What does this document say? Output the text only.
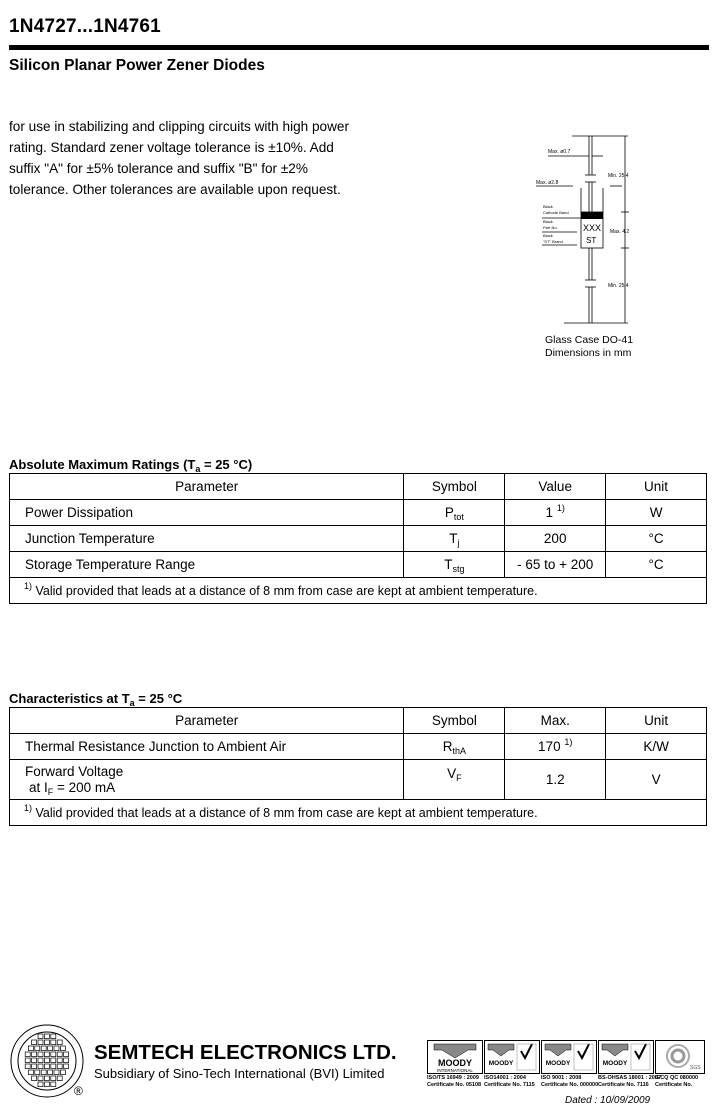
1N4727...1N4761
Silicon Planar Power Zener Diodes
for use in stabilizing and clipping circuits with high power rating. Standard zener voltage tolerance is ±10%. Add suffix "A" for ±5% tolerance and suffix "B" for ±2% tolerance. Other tolerances are available upon request.
Max. ø0.7
Max. ø2.8
Min. 25.4
Max. 4.2
Min. 25.4
Black
Cathode Band
Black
Part No.
Black
"ST" Brand
XXX
ST
Glass Case DO-41
Dimensions in mm
Absolute Maximum Ratings ($T_a = 25$ °C)
Parameter	Symbol	Value	Unit
Power Dissipation	$P_{tot}$	1 $^{1)}$	W
Junction Temperature	$T_j$	200	°C
Storage Temperature Range	$T_{stg}$	- 65 to + 200	°C
$^{1)}$ Valid provided that leads at a distance of 8 mm from case are kept at ambient temperature.			
Characteristics at $T_a = 25$ °C
Parameter	Symbol	Max.	Unit
Thermal Resistance Junction to Ambient Air	$R_{thA}$	170 $^{1)}$	K/W

Forward Voltage
at $I_F = 200$ mA	$V_F$	1.2	V
$^{1)}$ Valid provided that leads at a distance of 8 mm from case are kept at ambient temperature.			
®
SEMTECH ELECTRONICS LTD.
Subsidiary of Sino-Tech International (BVI) Limited
MOODY
INTERNATIONAL
MOODY	MOODY	MOODY
SGS
ISO/TS 16949 : 2009
Certificate No. 05108
ISO14001 : 2004
Certificate No. 7115
ISO 9001 : 2008
Certificate No. 000000
BS-OHSAS 18001 : 2007
Certificate No. 7116
IECQ QC 080000
Certificate No.
Dated : 10/09/2009
